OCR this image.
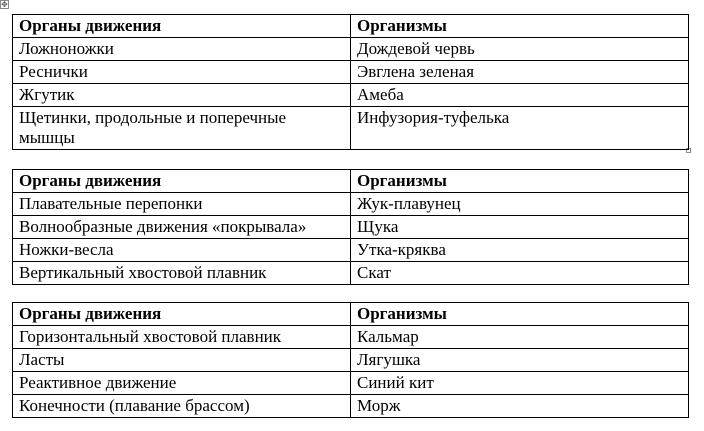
✥
Органы движения	Организмы
Ложноножки	Дождевой червь
Реснички	Эвглена зеленая
Жгутик	Амеба
Щетинки, продольные и поперечные мышцы	Инфузория-туфелька
Органы движения	Организмы
Плавательные перепонки	Жук-плавунец
Волнообразные движения «покрывала»	Щука
Ножки-весла	Утка-кряква
Вертикальный хвостовой плавник	Скат
Органы движения	Организмы
Горизонтальный хвостовой плавник	Кальмар
Ласты	Лягушка
Реактивное движение	Синий кит
Конечности (плавание брассом)	Морж
